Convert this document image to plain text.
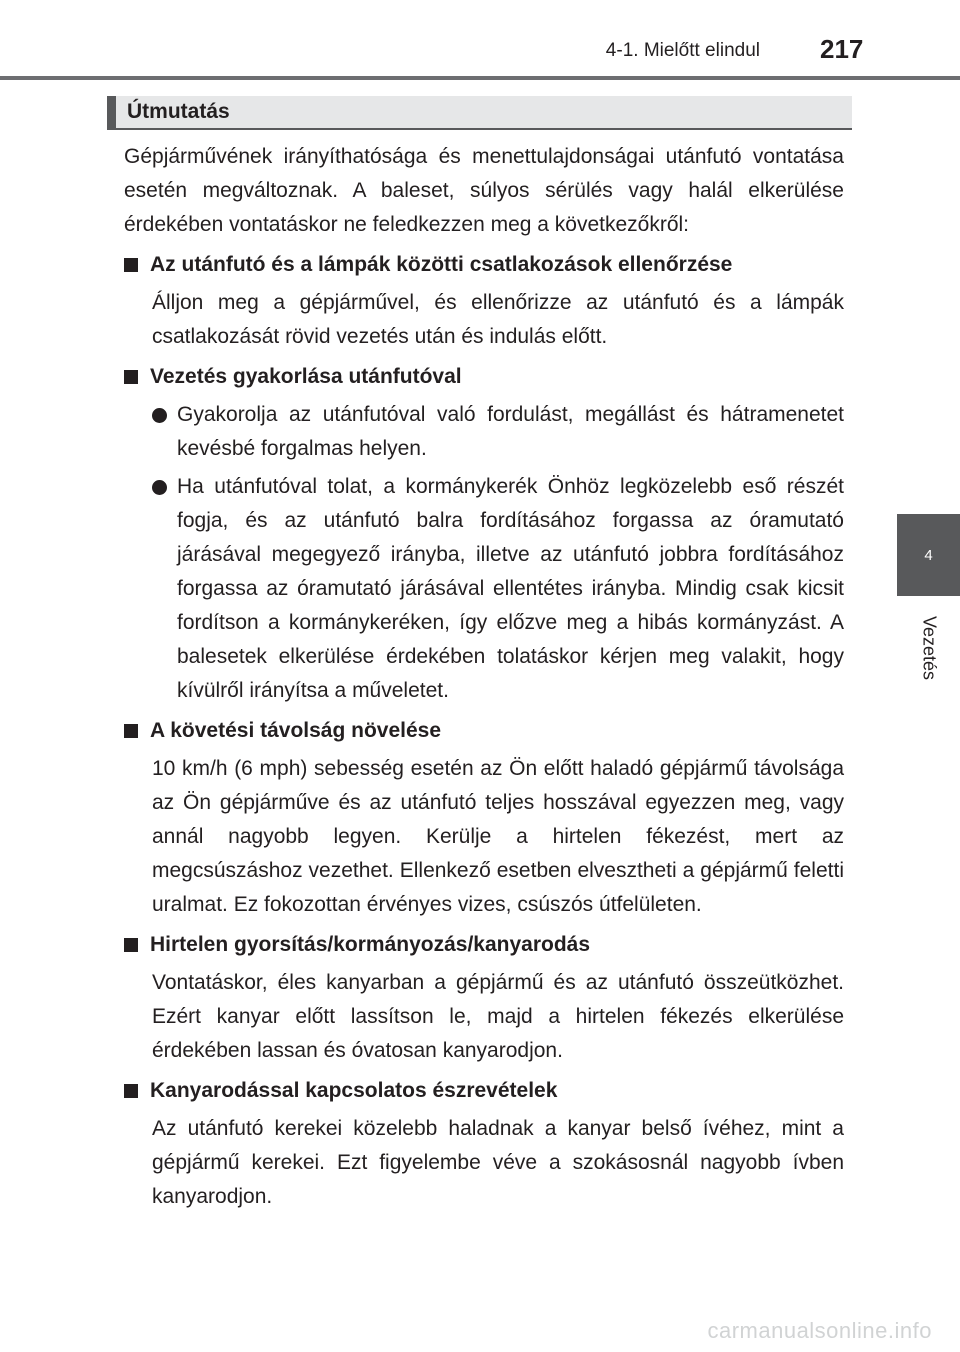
4-1. Mielőtt elindul 217
4
Vezetés
Útmutatás

Gépjárművének irányíthatósága és menettulajdonságai utánfutó vontatása esetén megváltoznak. A baleset, súlyos sérülés vagy halál elkerülése érdekében vontatáskor ne feledkezzen meg a következőkről:

Az utánfutó és a lámpák közötti csatlakozások ellenőrzése
Álljon meg a gépjárművel, és ellenőrizze az utánfutó és a lámpák csatlakozását rövid vezetés után és indulás előtt.
Vezetés gyakorlása utánfutóval
Gyakorolja az utánfutóval való fordulást, megállást és hátramenetet kevésbé forgalmas helyen.
Ha utánfutóval tolat, a kormánykerék Önhöz legközelebb eső részét fogja, és az utánfutó balra fordításához forgassa az óramutató járásával megegyező irányba, illetve az utánfutó jobbra fordításához forgassa az óramutató járásával ellentétes irányba. Mindig csak kicsit fordítson a kormánykeréken, így előzve meg a hibás kormányzást. A balesetek elkerülése érdekében tolatáskor kérjen meg valakit, hogy kívülről irányítsa a műveletet.
A követési távolság növelése
10 km/h (6 mph) sebesség esetén az Ön előtt haladó gépjármű távolsága az Ön gépjárműve és az utánfutó teljes hosszával egyezzen meg, vagy annál nagyobb legyen. Kerülje a hirtelen fékezést, mert az megcsúszáshoz vezethet. Ellenkező esetben elvesztheti a gépjármű feletti uralmat. Ez fokozottan érvényes vizes, csúszós útfelületen.
Hirtelen gyorsítás/kormányozás/kanyarodás
Vontatáskor, éles kanyarban a gépjármű és az utánfutó összeütközhet. Ezért kanyar előtt lassítson le, majd a hirtelen fékezés elkerülése érdekében lassan és óvatosan kanyarodjon.
Kanyarodással kapcsolatos észrevételek
Az utánfutó kerekei közelebb haladnak a kanyar belső ívéhez, mint a gépjármű kerekei. Ezt figyelembe véve a szokásosnál nagyobb ívben kanyarodjon.
carmanualsonline.info
